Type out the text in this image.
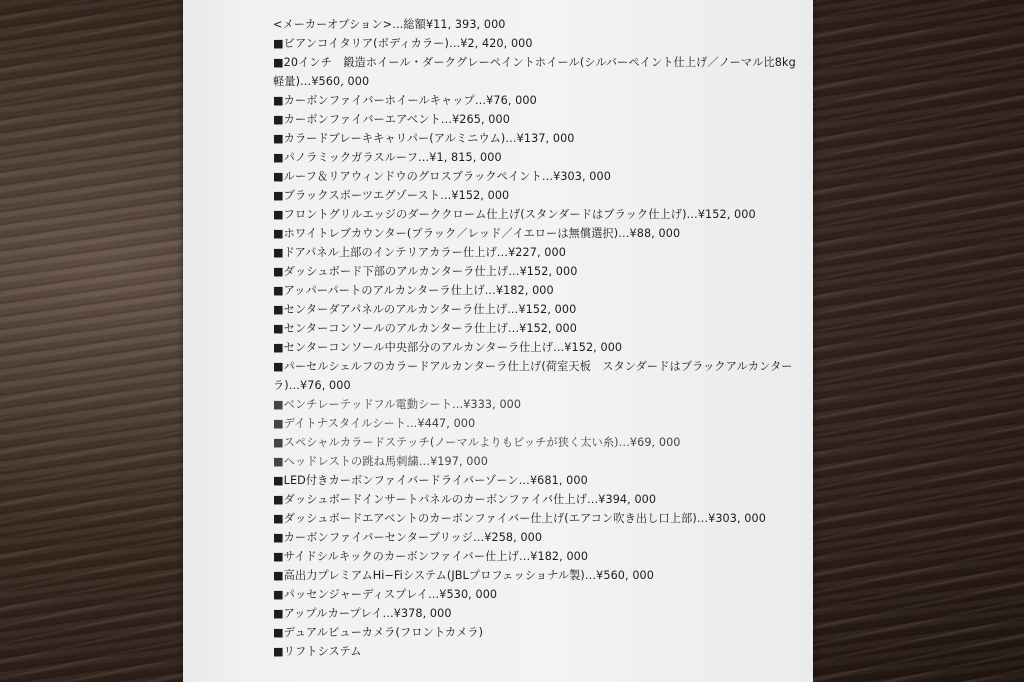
<メーカーオプション>…総額¥11, 393, 000
■ビアンコイタリア(ボディカラー)…¥2, 420, 000
■20インチ　鍛造ホイール・ダークグレーペイントホイール(シルバーペイント仕上げ／ノーマル比8kg
軽量)…¥560, 000
■カーボンファイバーホイールキャップ…¥76, 000
■カーボンファイバーエアベント…¥265, 000
■カラードブレーキキャリパー(アルミニウム)…¥137, 000
■パノラミックガラスルーフ…¥1, 815, 000
■ルーフ＆リアウィンドウのグロスブラックペイント…¥303, 000
■ブラックスポーツエグゾースト…¥152, 000
■フロントグリルエッジのダーククローム仕上げ(スタンダードはブラック仕上げ)…¥152, 000
■ホワイトレブカウンター(ブラック／レッド／イエローは無償選択)…¥88, 000
■ドアパネル上部のインテリアカラー仕上げ…¥227, 000
■ダッシュボード下部のアルカンターラ仕上げ…¥152, 000
■アッパーパートのアルカンターラ仕上げ…¥182, 000
■センターダアパネルのアルカンターラ仕上げ…¥152, 000
■センターコンソールのアルカンターラ仕上げ…¥152, 000
■センターコンソール中央部分のアルカンターラ仕上げ…¥152, 000
■パーセルシェルフのカラードアルカンターラ仕上げ(荷室天板　スタンダードはブラックアルカンター
ラ)…¥76, 000
■ベンチレーテッドフル電動シート…¥333, 000
■デイトナスタイルシート…¥447, 000
■スペシャルカラードステッチ(ノーマルよりもピッチが狭く太い糸)…¥69, 000
■ヘッドレストの跳ね馬刺繍…¥197, 000
■LED付きカーボンファイバードライバーゾーン…¥681, 000
■ダッシュボードインサートパネルのカーボンファイバ仕上げ…¥394, 000
■ダッシュボードエアベントのカーボンファイバー仕上げ(エアコン吹き出し口上部)…¥303, 000
■カーボンファイバーセンターブリッジ…¥258, 000
■サイドシルキックのカーボンファイバー仕上げ…¥182, 000
■高出力プレミアムHi−Fiシステム(JBLプロフェッショナル製)…¥560, 000
■パッセンジャーディスプレイ…¥530, 000
■アップルカープレイ…¥378, 000
■デュアルビューカメラ(フロントカメラ)
■リフトシステム
